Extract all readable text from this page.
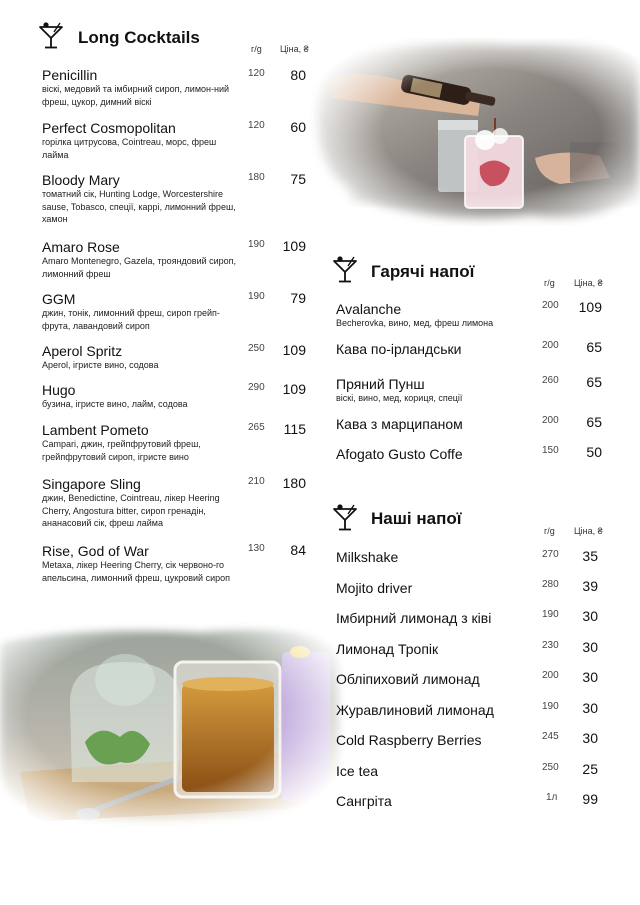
Long Cocktails
г/g Ціна, ₴
Penicillin
віскі, медовий та імбирний сироп, лимон-ний фреш, цукор, димний віскі
120	80
Perfect Cosmopolitan
горілка цитрусова, Cointreau, морс, фреш лайма
120	60
Bloody Mary
томатний сік, Hunting Lodge, Worcestershire sause, Tobasco, спеції, каррі, лимонний фреш, хамон
180	75
Amaro Rose
Amaro Montenegro, Gazela, трояндовий сироп, лимонний фреш
190	109
GGM
джин, тонік, лимонний фреш, сироп грейп-фрута, лавандовий сироп
190	79
Aperol Spritz
Aperol, ігристе вино, содова
250	109
Hugo
бузина, ігристе вино, лайм, содова
290	109
Lambent Pometo
Campari, джин, грейпфрутовий фреш, грейпфрутовий сироп, ігристе вино
265	115
Singapore Sling
джин, Benedictine, Cointreau, лікер Heering Cherry, Angostura bitter, сироп гренадін, ананасовий сік, фреш лайма
210	180
Rise, God of War
Metaxa, лікер Heering Cherry, сік червоно-го апельсина, лимонний фреш, цукровий сироп
130	84
Гарячі напої
г/g Ціна, ₴
Avalanche
Becherovka, вино, мед, фреш лимона
200	109
Кава по-ірландськи	200	65
Пряний Пунш
віскі, вино, мед, кориця, спеції
260	65
Кава з марципаном	200	65
Afogato Gusto Coffe	150	50
Наші напої
г/g Ціна, ₴
Milkshake	270	35
Mojito driver	280	39
Імбирний лимонад з ківі	190	30
Лимонад Тропік	230	30
Обліпиховий лимонад	200	30
Журавлиновий лимонад	190	30
Cold Raspberry Berries	245	30
Ice tea	250	25
Сангріта	1л	99
